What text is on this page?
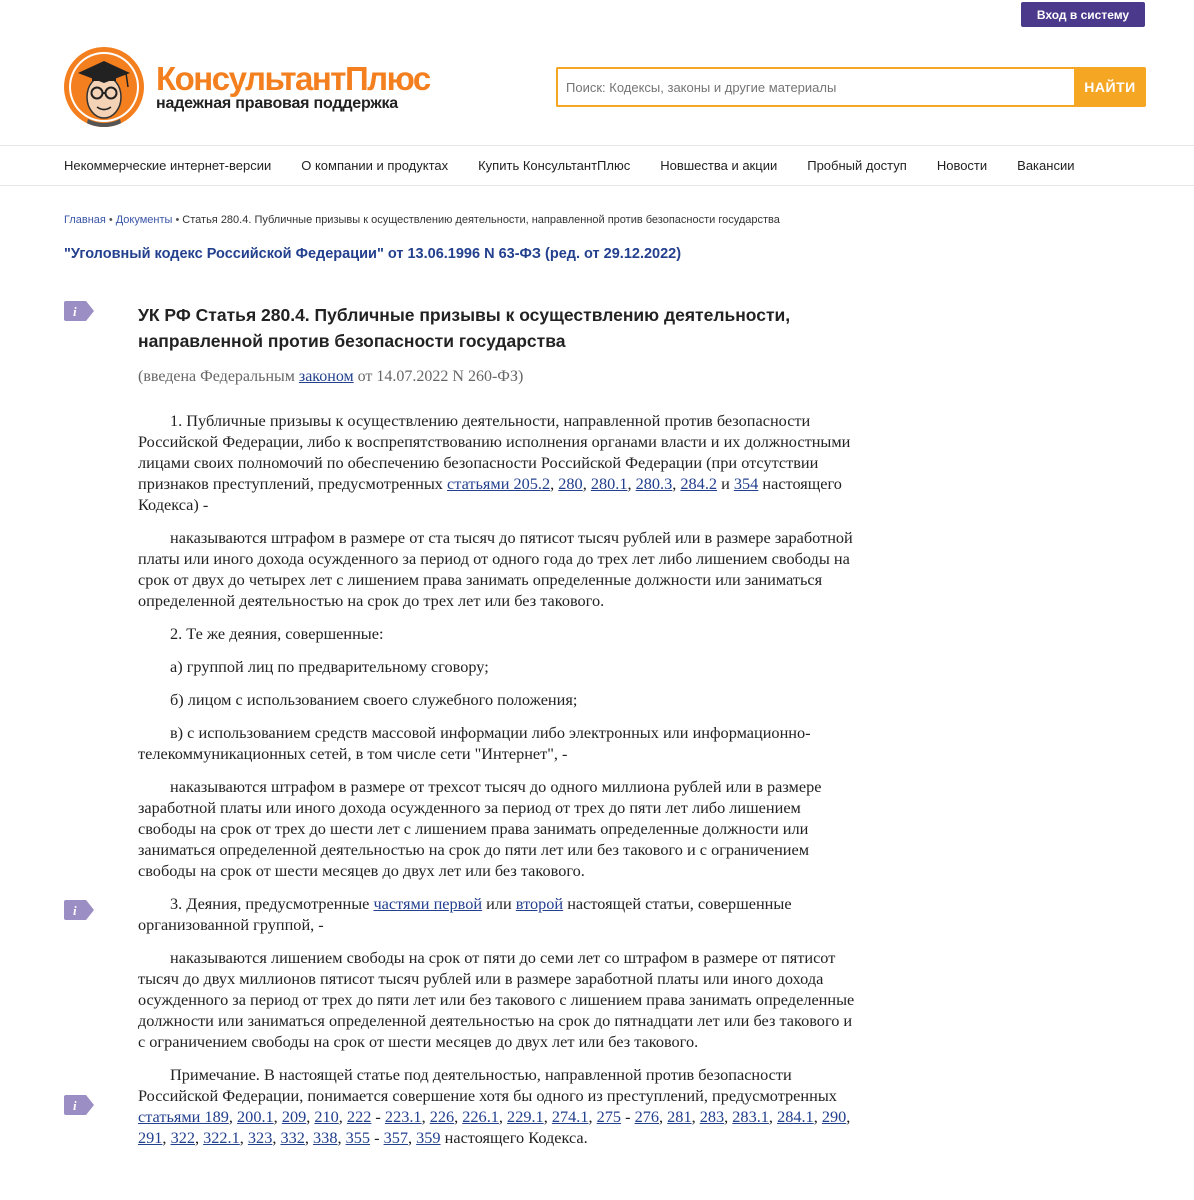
Вход в систему
КонсультантПлюс
надежная правовая поддержка
Поиск: Кодексы, законы и другие материалы
НАЙТИ
Некоммерческие интернет-версии О компании и продуктах Купить КонсультантПлюс Новшества и акции Пробный доступ Новости Вакансии
Главная • Документы • Статья 280.4. Публичные призывы к осуществлению деятельности, направленной против безопасности государства
"Уголовный кодекс Российской Федерации" от 13.06.1996 N 63-ФЗ (ред. от 29.12.2022)
i
i
i
УК РФ Статья 280.4. Публичные призывы к осуществлению деятельности, направленной против безопасности государства
(введена Федеральным законом от 14.07.2022 N 260-ФЗ)

1. Публичные призывы к осуществлению деятельности, направленной против безопасности Российской Федерации, либо к воспрепятствованию исполнения органами власти и их должностными лицами своих полномочий по обеспечению безопасности Российской Федерации (при отсутствии признаков преступлений, предусмотренных статьями 205.2, 280, 280.1, 280.3, 284.2 и 354 настоящего Кодекса) -

наказываются штрафом в размере от ста тысяч до пятисот тысяч рублей или в размере заработной платы или иного дохода осужденного за период от одного года до трех лет либо лишением свободы на срок от двух до четырех лет с лишением права занимать определенные должности или заниматься определенной деятельностью на срок до трех лет или без такового.

2. Те же деяния, совершенные:

а) группой лиц по предварительному сговору;

б) лицом с использованием своего служебного положения;

в) с использованием средств массовой информации либо электронных или информационно-телекоммуникационных сетей, в том числе сети "Интернет", -

наказываются штрафом в размере от трехсот тысяч до одного миллиона рублей или в размере заработной платы или иного дохода осужденного за период от трех до пяти лет либо лишением свободы на срок от трех до шести лет с лишением права занимать определенные должности или заниматься определенной деятельностью на срок до пяти лет или без такового и с ограничением свободы на срок от шести месяцев до двух лет или без такового.

3. Деяния, предусмотренные частями первой или второй настоящей статьи, совершенные организованной группой, -

наказываются лишением свободы на срок от пяти до семи лет со штрафом в размере от пятисот тысяч до двух миллионов пятисот тысяч рублей или в размере заработной платы или иного дохода осужденного за период от трех до пяти лет или без такового с лишением права занимать определенные должности или заниматься определенной деятельностью на срок до пятнадцати лет или без такового и с ограничением свободы на срок от шести месяцев до двух лет или без такового.

Примечание. В настоящей статье под деятельностью, направленной против безопасности Российской Федерации, понимается совершение хотя бы одного из преступлений, предусмотренных статьями 189, 200.1, 209, 210, 222 - 223.1, 226, 226.1, 229.1, 274.1, 275 - 276, 281, 283, 283.1, 284.1, 290, 291, 322, 322.1, 323, 332, 338, 355 - 357, 359 настоящего Кодекса.
